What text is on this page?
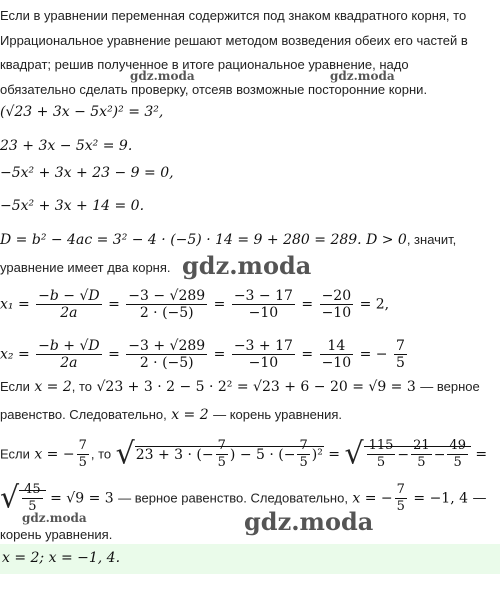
Если в уравнении переменная содержится под знаком квадратного корня, то
Иррациональное уравнение решают методом возведения обеих его частей в
квадрат; решив полученное в итоге рациональное уравнение, надо
gdz.moda	gdz.moda
обязательно сделать проверку, отсеяв возможные посторонние корни.
(√23 + 3x − 5x²)² = 3²,
23 + 3x − 5x² = 9.
−5x² + 3x + 23 − 9 = 0,
−5x² + 3x + 14 = 0.
D = b² − 4ac = 3² − 4 · (−5) · 14 = 9 + 280 = 289. D > 0, значит,
уравнение имеет два корня. gdz.moda
$x_1 = \frac{-b - √D}{2a} = \frac{-3 - √289}{2 \cdot (-5)} = \frac{-3 - 17}{-10} = \frac{-20}{-10} = 2$,
$x_2 = \frac{-b + √D}{2a} = \frac{-3 + √289}{2 \cdot (-5)} = \frac{-3 + 17}{-10} = \frac{14}{-10}$ = − $\frac{7}{5}$
Если x = 2, то √23 + 3 · 2 − 5 · 2² = √23 + 6 − 20 = √9 = 3 — верное
равенство. Следовательно, x = 2 — корень уравнения.
Если x = − $\frac{7}{5}$ , то √23 + 3 · (− $\frac{7}{5}$ ) − 5 · (− $\frac{7}{5} )^2$ = √ $\frac{115}{5} - \frac{21}{5} - \frac{49}{5}$ =
√ $\frac{45}{5} = √9 = 3$ — верное равенство. Следовательно, x = − $\frac{7}{5} = -1$, 4 —
gdz.moda	gdz.moda
корень уравнения.
x = 2; x = −1, 4.
